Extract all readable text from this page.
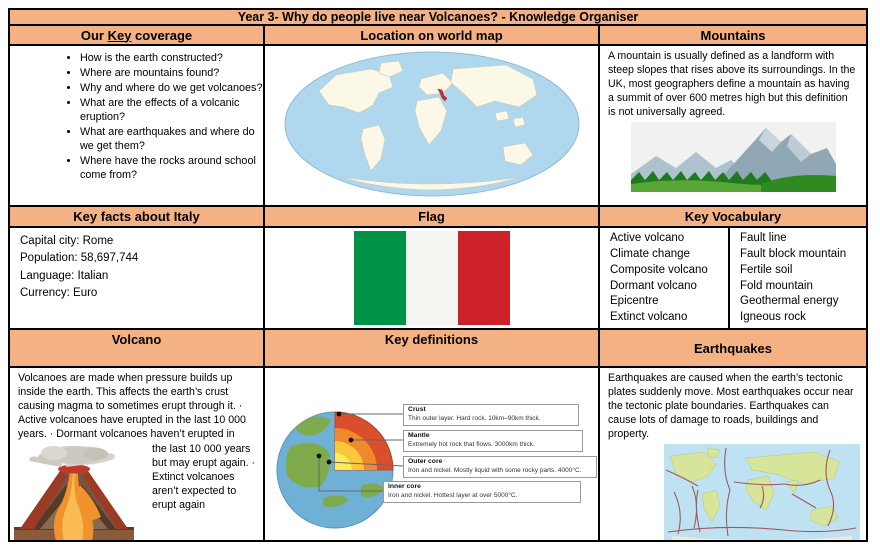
Year 3- Why do people live near Volcanoes? - Knowledge Organiser
Our Key coverage	Location on world map	Mountains
• How is the earth constructed?
• Where are mountains found?
• Why and where do we get volcanoes?
• What are the effects of a volcanic eruption?
• What are earthquakes and where do we get them?
• Where have the rocks around school come from?

A mountain is usually defined as a landform with steep slopes that rises above its surroundings. In the UK, most geographers define a mountain as having a summit of over 600 metres high but this definition is not universally agreed.

Key facts about Italy	Flag	Key Vocabulary
Capital city: Rome
Population: 58,697,744
Language: Italian
Currency: Euro
Active volcano
Climate change
Composite volcano
Dormant volcano
Epicentre
Extinct volcano
Fault line
Fault block mountain
Fertile soil
Fold mountain
Geothermal energy
Igneous rock
Volcano	Key definitions
Earthquakes

Volcanoes are made when pressure builds up inside the earth. This affects the earth’s crust causing magma to sometimes erupt through it. · Active volcanoes have erupted in the last 10 000 years. · Dormant volcanoes haven’t erupted in

the last 10 000 years but may erupt again. · Extinct volcanoes aren’t expected to erupt again

Crust
Thin outer layer. Hard rock. 10km–90km thick.
Mantle
Extremely hot rock that flows. 3000km thick.
Outer core
Iron and nickel. Mostly liquid with some rocky parts. 4000°C.
Inner core
Iron and nickel. Hottest layer at over 5000°C.

Earthquakes are caused when the earth’s tectonic plates suddenly move. Most earthquakes occur near the tectonic plate boundaries. Earthquakes can cause lots of damage to roads, buildings and property.
